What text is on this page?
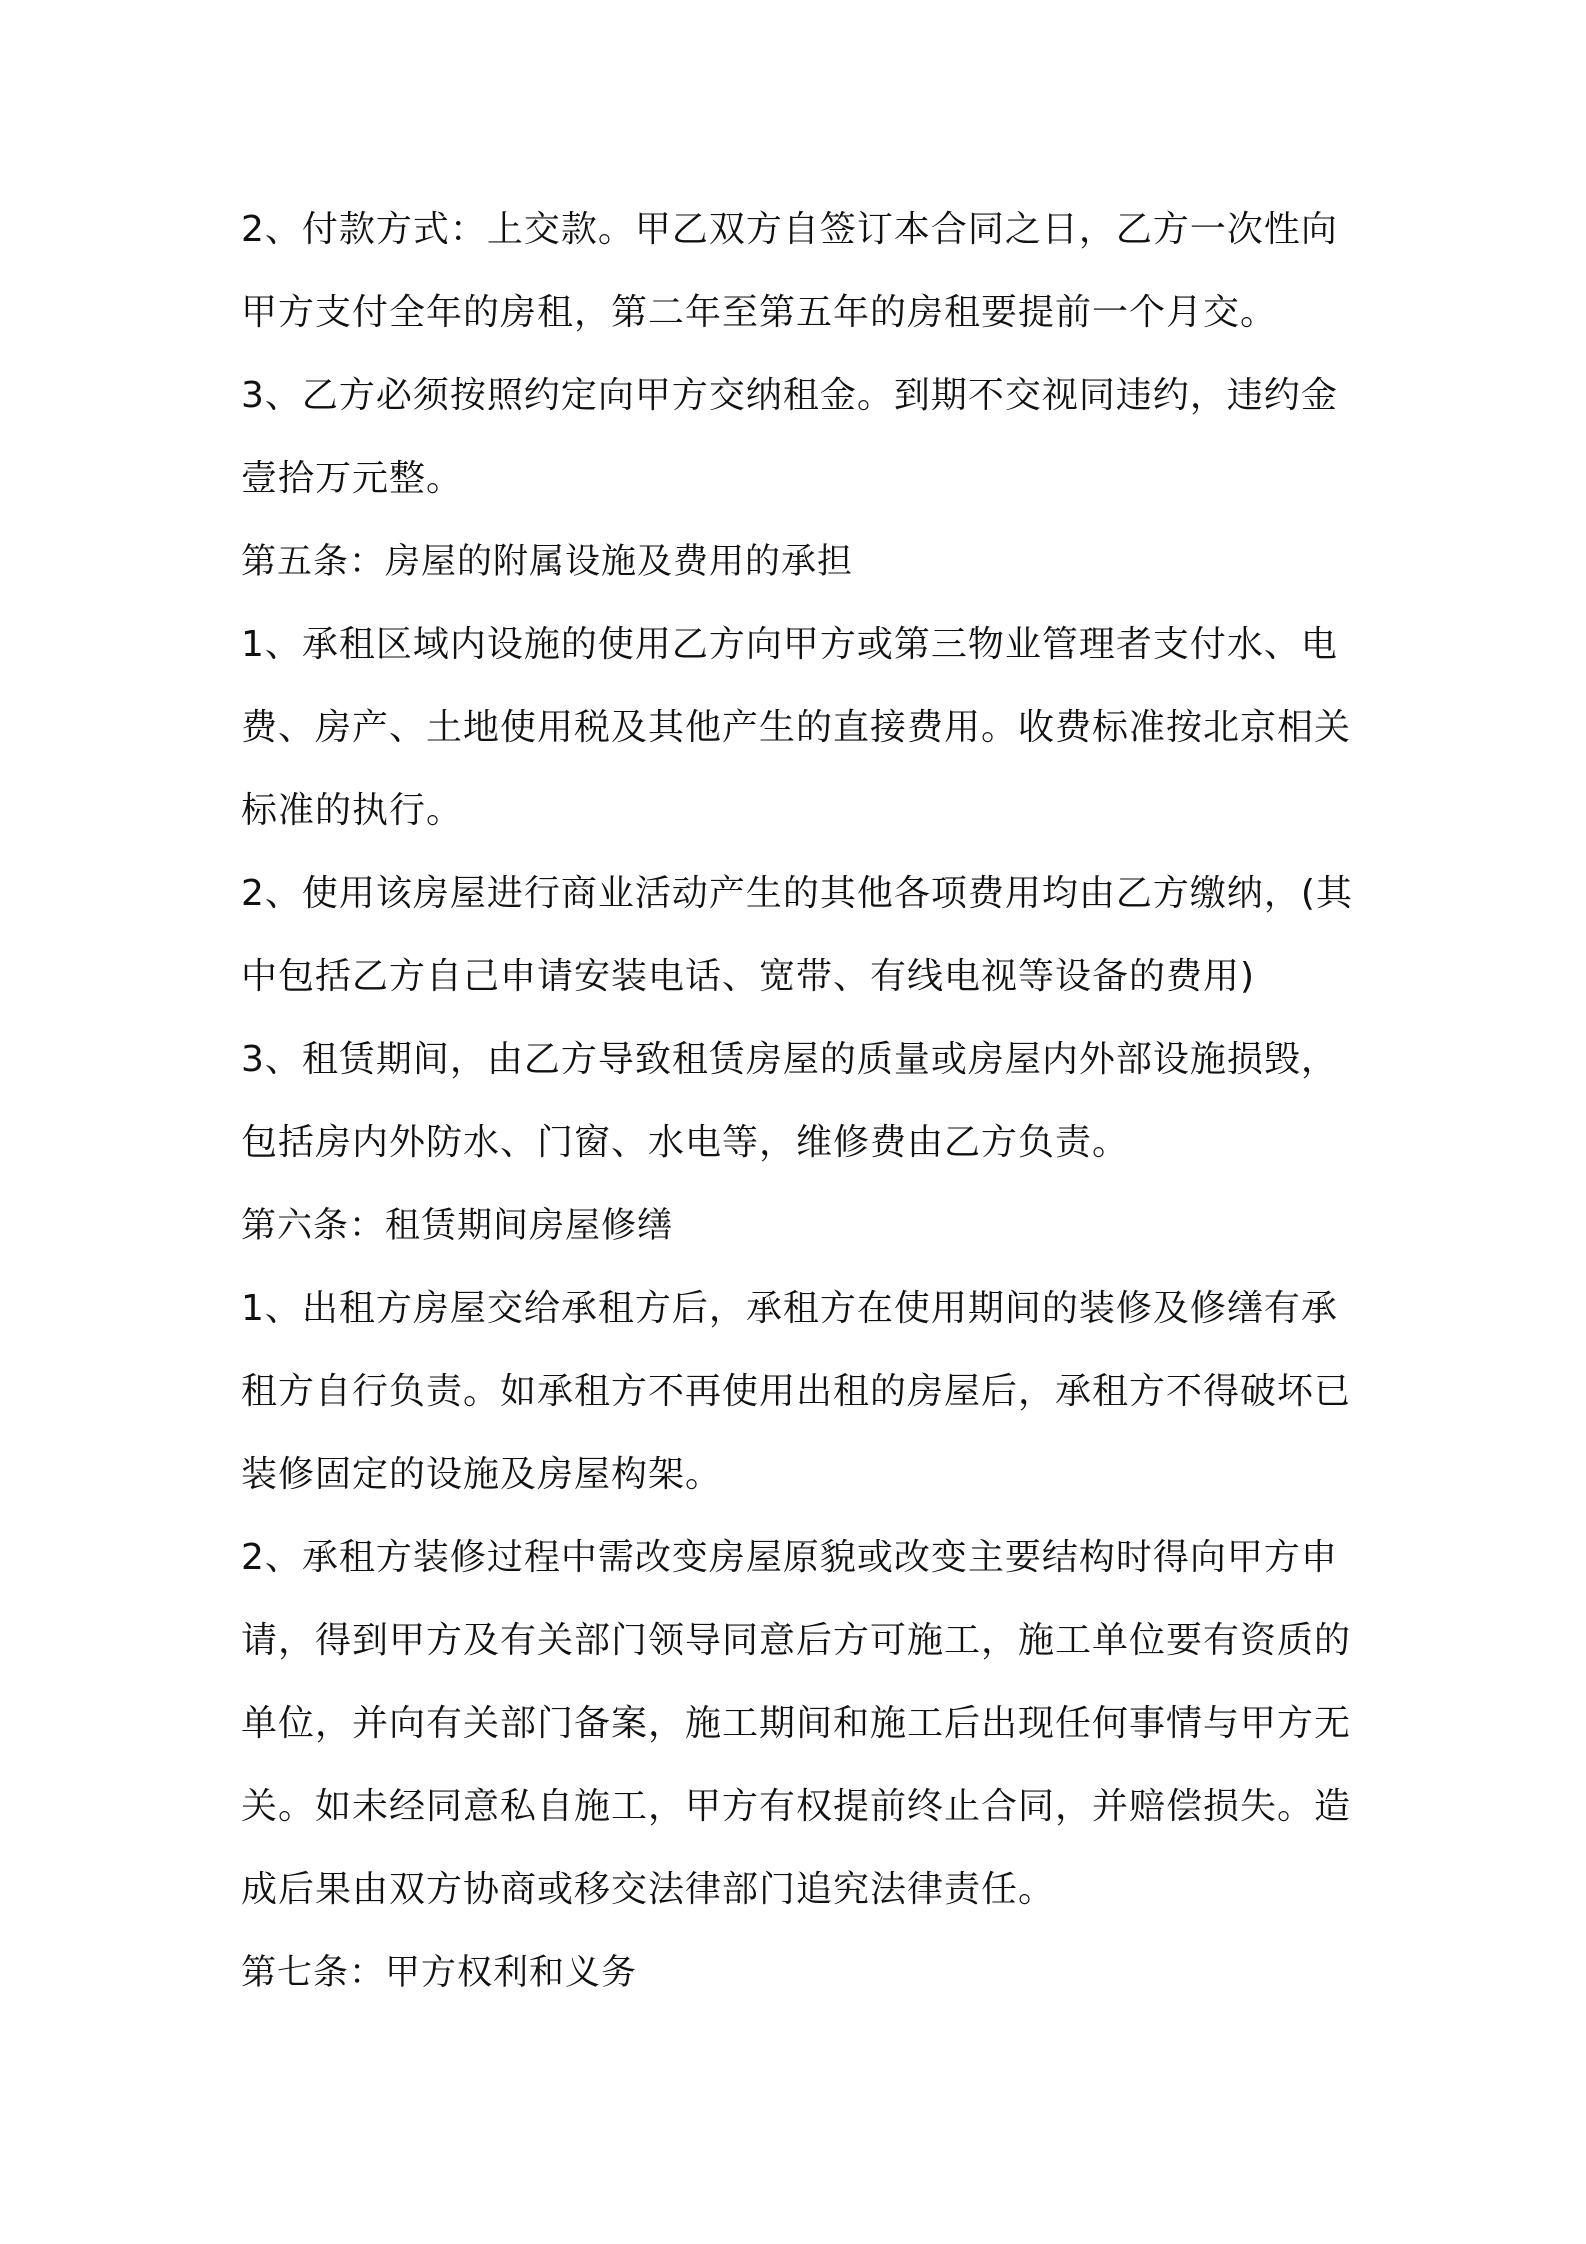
2、付款方式：上交款。甲乙双方自签订本合同之日，乙方一次性向
甲方支付全年的房租，第二年至第五年的房租要提前一个月交。
3、乙方必须按照约定向甲方交纳租金。到期不交视同违约，违约金
壹拾万元整。
第五条：房屋的附属设施及费用的承担
1、承租区域内设施的使用乙方向甲方或第三物业管理者支付水、电
费、房产、土地使用税及其他产生的直接费用。收费标准按北京相关
标准的执行。
2、使用该房屋进行商业活动产生的其他各项费用均由乙方缴纳，(其
中包括乙方自己申请安装电话、宽带、有线电视等设备的费用)
3、租赁期间，由乙方导致租赁房屋的质量或房屋内外部设施损毁，
包括房内外防水、门窗、水电等，维修费由乙方负责。
第六条：租赁期间房屋修缮
1、出租方房屋交给承租方后，承租方在使用期间的装修及修缮有承
租方自行负责。如承租方不再使用出租的房屋后，承租方不得破坏已
装修固定的设施及房屋构架。
2、承租方装修过程中需改变房屋原貌或改变主要结构时得向甲方申
请，得到甲方及有关部门领导同意后方可施工，施工单位要有资质的
单位，并向有关部门备案，施工期间和施工后出现任何事情与甲方无
关。如未经同意私自施工，甲方有权提前终止合同，并赔偿损失。造
成后果由双方协商或移交法律部门追究法律责任。
第七条：甲方权利和义务
